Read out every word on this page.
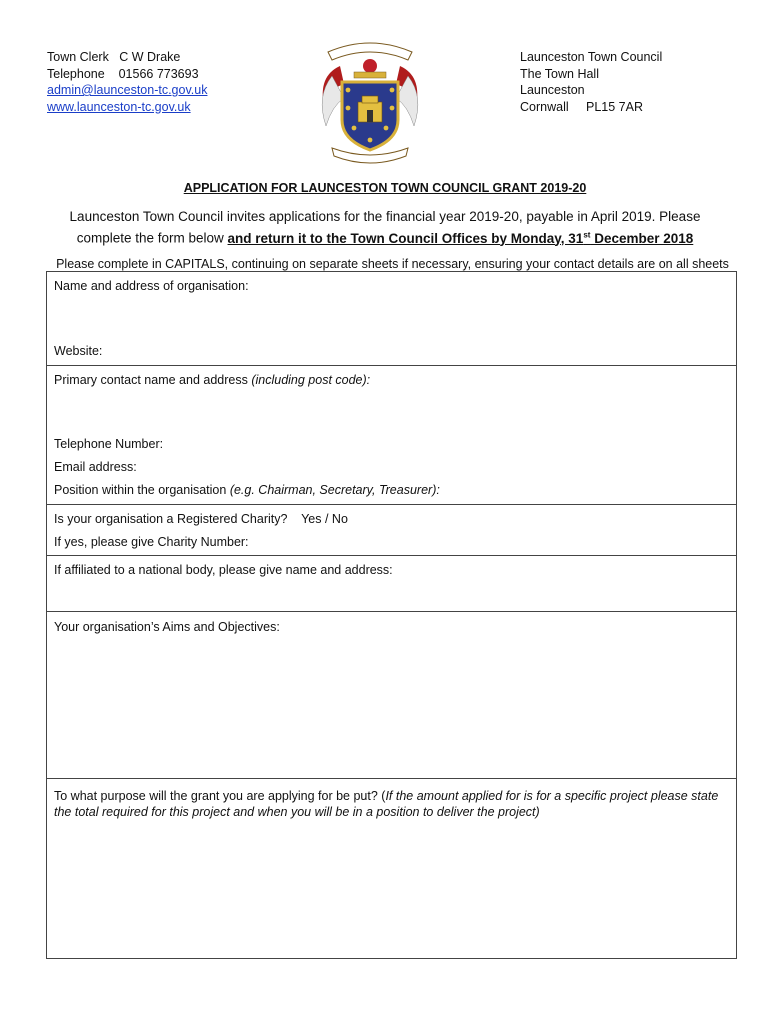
Town Clerk   C W Drake
Telephone    01566 773693
admin@launceston-tc.gov.uk
www.launceston-tc.gov.uk
Launceston Town Council
The Town Hall
Launceston
Cornwall     PL15 7AR
APPLICATION FOR LAUNCESTON TOWN COUNCIL GRANT 2019-20
Launceston Town Council invites applications for the financial year 2019-20, payable in April 2019. Please
complete the form below and return it to the Town Council Offices by Monday, 31st December 2018
Please complete in CAPITALS, continuing on separate sheets if necessary, ensuring your contact details are on all sheets
Name and address of organisation:
Website:
Primary contact name and address (including post code):
Telephone Number:
Email address:
Position within the organisation (e.g. Chairman, Secretary, Treasurer):
Is your organisation a Registered Charity?    Yes / No
If yes, please give Charity Number:
If affiliated to a national body, please give name and address:
Your organisation’s Aims and Objectives:
To what purpose will the grant you are applying for be put? (If the amount applied for is for a specific project please state the total required for this project and when you will be in a position to deliver the project)
